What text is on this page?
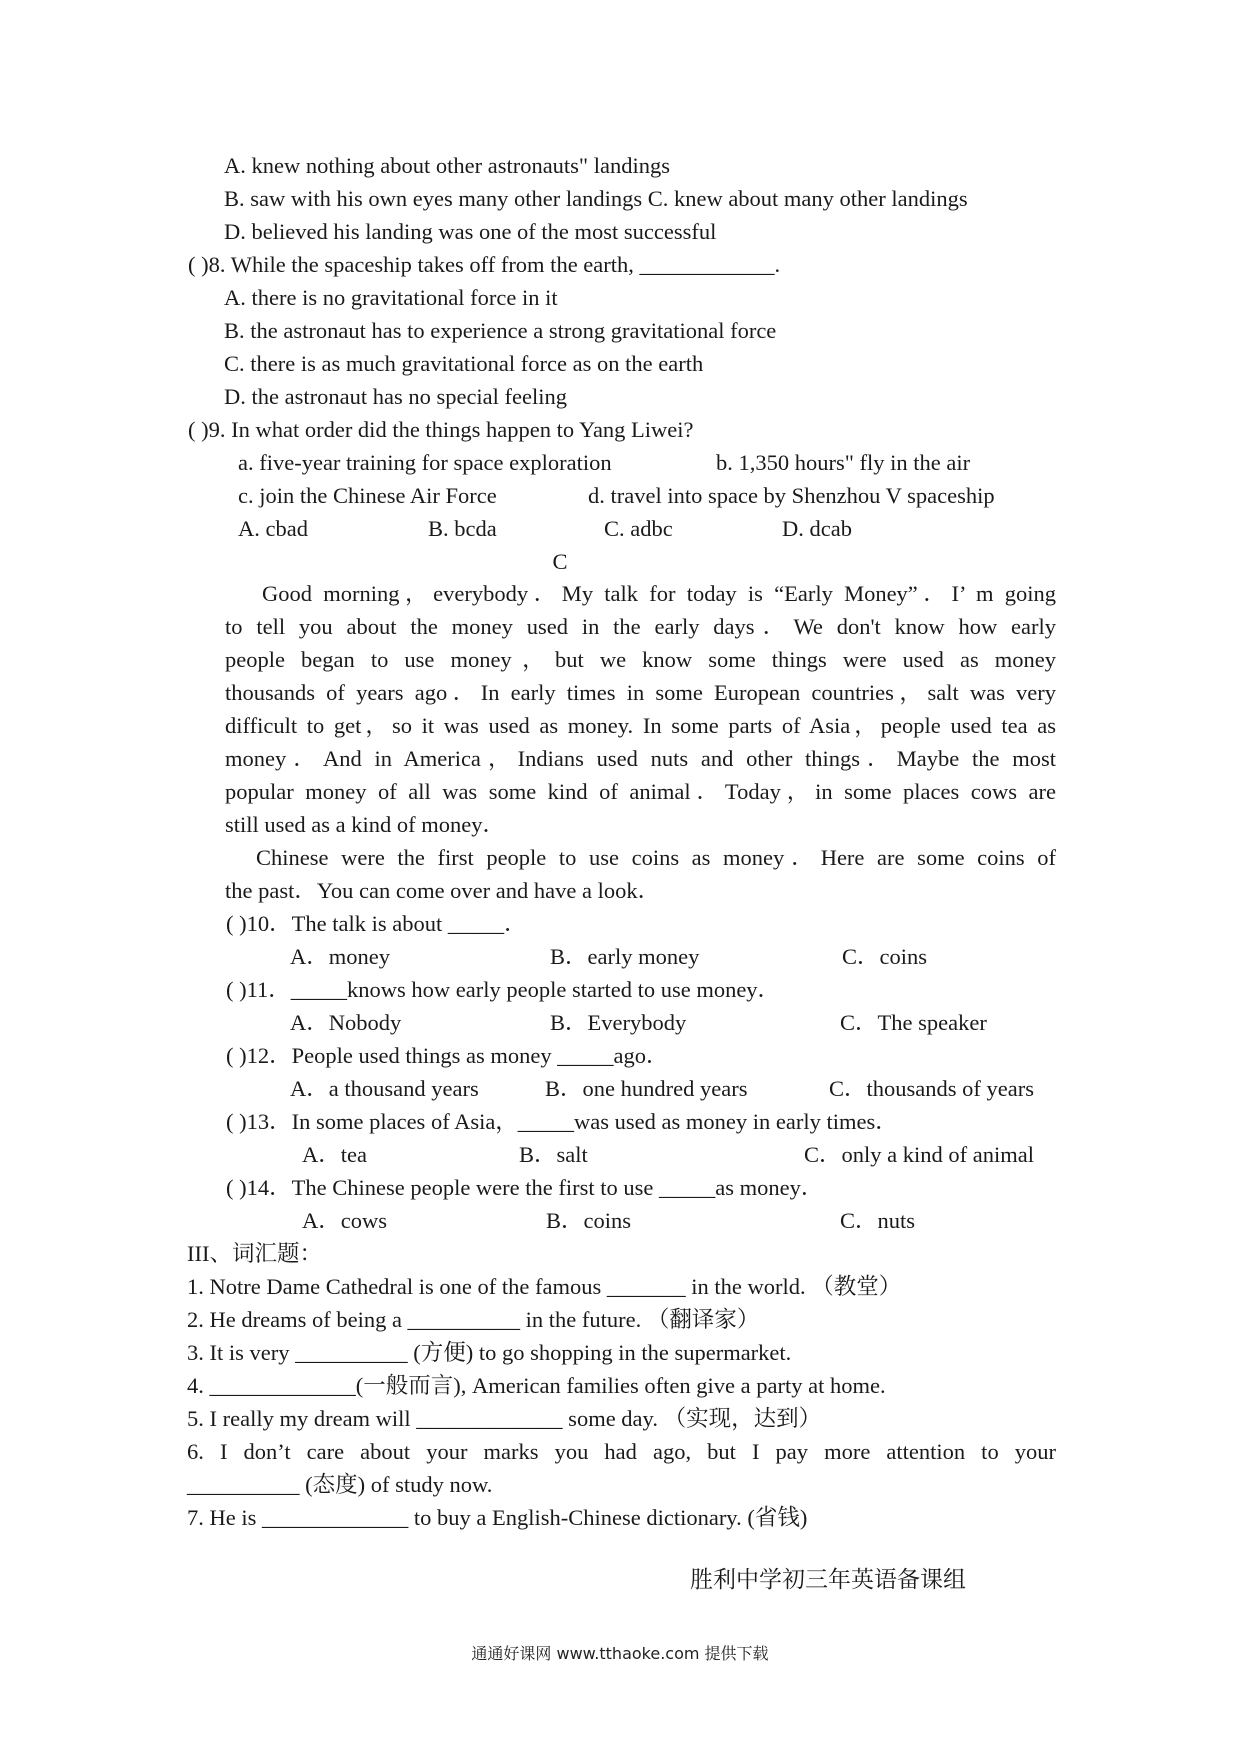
A. knew nothing about other astronauts" landings
B. saw with his own eyes many other landings C. knew about many other landings
D. believed his landing was one of the most successful
( )8. While the spaceship takes off from the earth, ____________.
A. there is no gravitational force in it
B. the astronaut has to experience a strong gravitational force
C. there is as much gravitational force as on the earth
D. the astronaut has no special feeling
( )9. In what order did the things happen to Yang Liwei?
a. five-year training for space exploration	b. 1,350 hours" fly in the air
c. join the Chinese Air Force	d. travel into space by Shenzhou V spaceship
A. cbad	B. bcda	C. adbc	D. dcab
C
Good morning，everybody．My talk for today is “Early Money”．I’ m going
to tell you about the money used in the early days．We don't know how early
people began to use money，but we know some things were used as money
thousands of years ago．In early times in some European countries，salt was very
difficult to get，so it was used as money. In some parts of Asia，people used tea as
money．And in America，Indians used nuts and other things．Maybe the most
popular money of all was some kind of animal．Today，in some places cows are
still used as a kind of money．
Chinese were the first people to use coins as money．Here are some coins of
the past．You can come over and have a look．
( )10．The talk is about _____．
A．money	B．early money	C．coins
( )11．_____knows how early people started to use money．
A．Nobody	B．Everybody	C．The speaker
( )12．People used things as money _____ago．
A．a thousand years	B．one hundred years	C．thousands of years
( )13．In some places of Asia，_____was used as money in early times．
A．tea	B．salt	C．only a kind of animal
( )14．The Chinese people were the first to use _____as money．
A．cows	B．coins	C．nuts
III、词汇题：
1. Notre Dame Cathedral is one of the famous _______ in the world. （教堂）
2. He dreams of being a __________ in the future. （翻译家）
3. It is very __________ (方便) to go shopping in the supermarket.
4. _____________(一般而言), American families often give a party at home.
5. I really my dream will _____________ some day. （实现，达到）
6. I don’t care about your marks you had ago, but I pay more attention to your
__________ (态度) of study now.
7. He is _____________ to buy a English-Chinese dictionary. (省钱)
胜利中学初三年英语备课组
通通好课网 www.tthaoke.com 提供下载
